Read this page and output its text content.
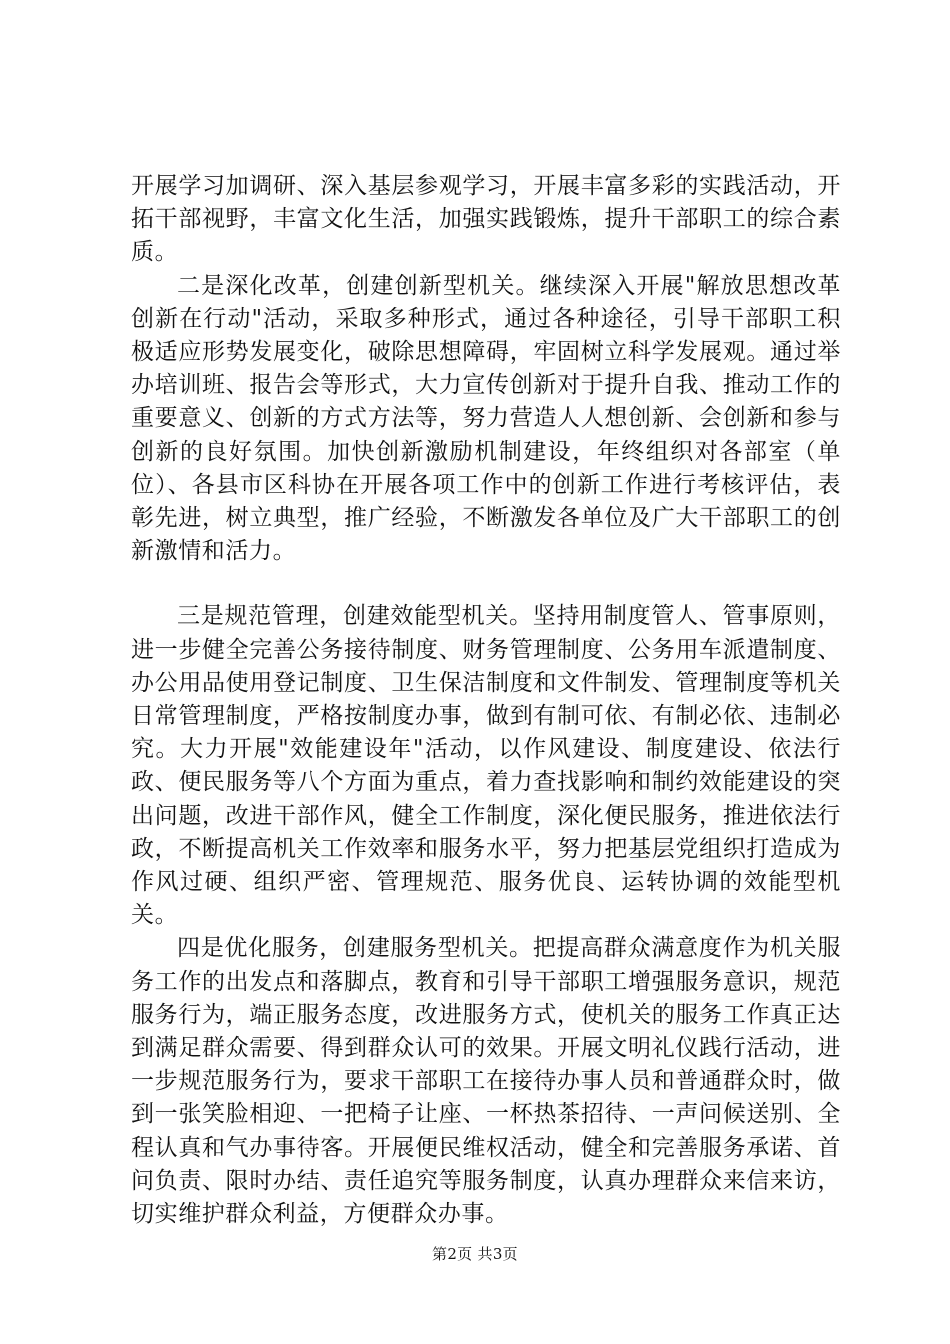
开展学习加调研、深入基层参观学习，开展丰富多彩的实践活动，开拓干部视野，丰富文化生活，加强实践锻炼，提升干部职工的综合素质。

二是深化改革，创建创新型机关。继续深入开展"解放思想改革创新在行动"活动，采取多种形式，通过各种途径，引导干部职工积极适应形势发展变化，破除思想障碍，牢固树立科学发展观。通过举办培训班、报告会等形式，大力宣传创新对于提升自我、推动工作的重要意义、创新的方式方法等，努力营造人人想创新、会创新和参与创新的良好氛围。加快创新激励机制建设，年终组织对各部室（单位）、各县市区科协在开展各项工作中的创新工作进行考核评估，表彰先进，树立典型，推广经验，不断激发各单位及广大干部职工的创新激情和活力。

三是规范管理，创建效能型机关。坚持用制度管人、管事原则，进一步健全完善公务接待制度、财务管理制度、公务用车派遣制度、办公用品使用登记制度、卫生保洁制度和文件制发、管理制度等机关日常管理制度，严格按制度办事，做到有制可依、有制必依、违制必究。大力开展"效能建设年"活动，以作风建设、制度建设、依法行政、便民服务等八个方面为重点，着力查找影响和制约效能建设的突出问题，改进干部作风，健全工作制度，深化便民服务，推进依法行政，不断提高机关工作效率和服务水平，努力把基层党组织打造成为作风过硬、组织严密、管理规范、服务优良、运转协调的效能型机关。

四是优化服务，创建服务型机关。把提高群众满意度作为机关服务工作的出发点和落脚点，教育和引导干部职工增强服务意识，规范服务行为，端正服务态度，改进服务方式，使机关的服务工作真正达到满足群众需要、得到群众认可的效果。开展文明礼仪践行活动，进一步规范服务行为，要求干部职工在接待办事人员和普通群众时，做到一张笑脸相迎、一把椅子让座、一杯热茶招待、一声问候送别、全程认真和气办事待客。开展便民维权活动，健全和完善服务承诺、首问负责、限时办结、责任追究等服务制度，认真办理群众来信来访，切实维护群众利益，方便群众办事。

第2页 共3页
